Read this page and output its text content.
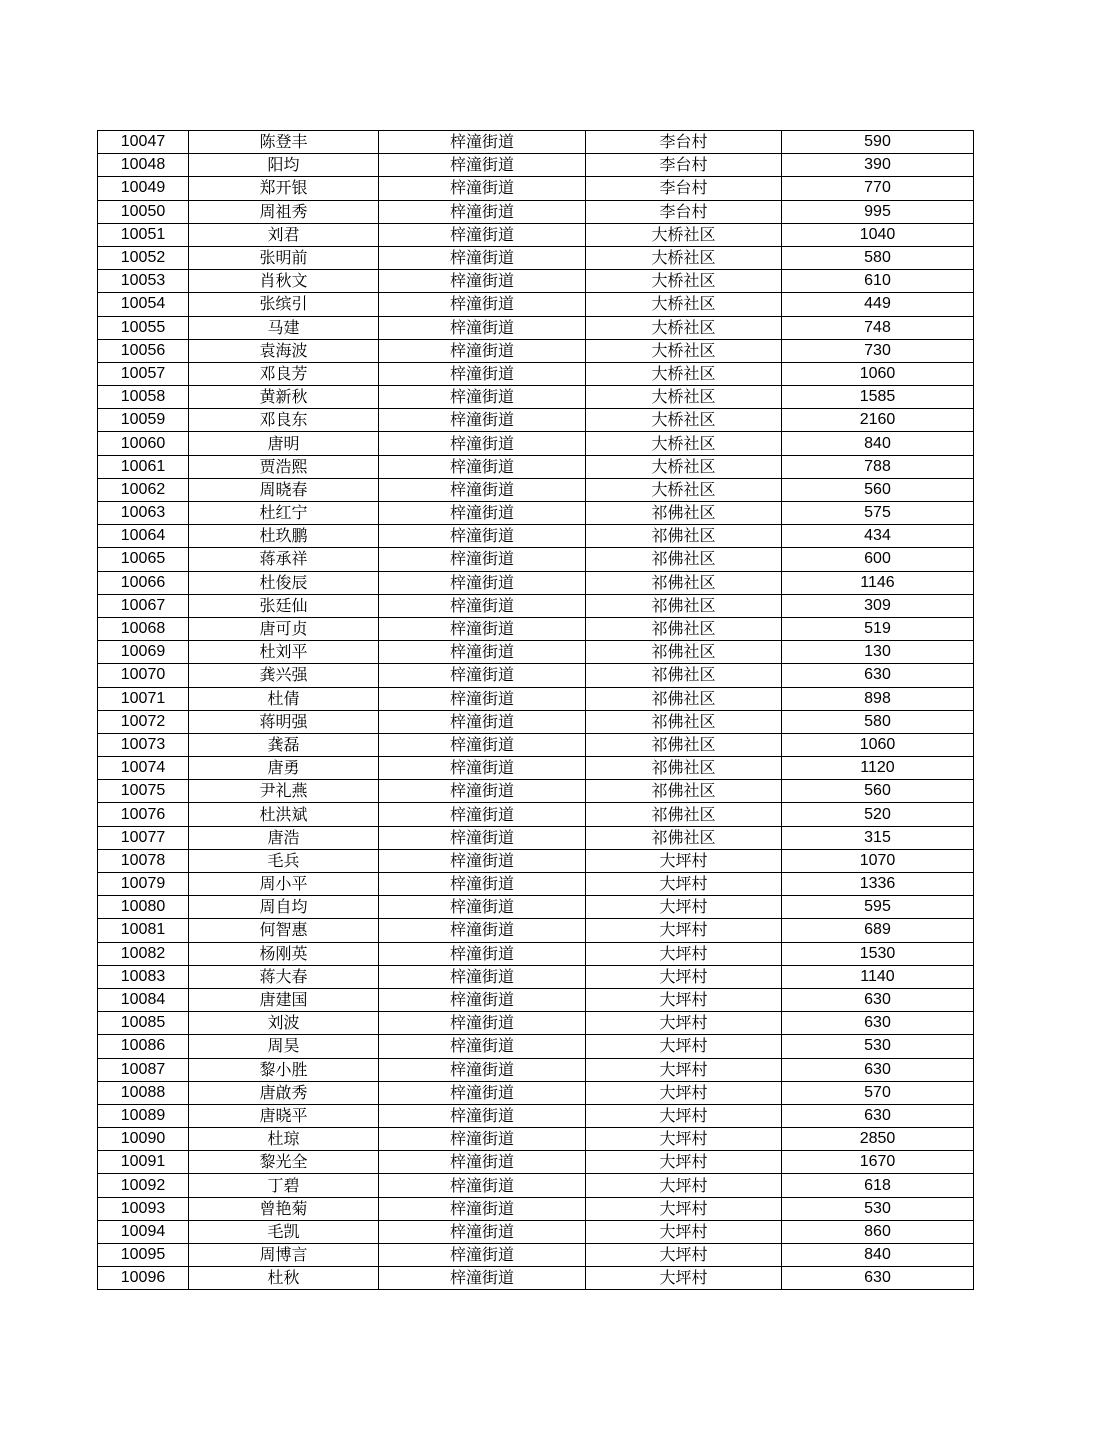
10047	陈登丰	梓潼街道	李台村	590
10048	阳均	梓潼街道	李台村	390
10049	郑开银	梓潼街道	李台村	770
10050	周祖秀	梓潼街道	李台村	995
10051	刘君	梓潼街道	大桥社区	1040
10052	张明前	梓潼街道	大桥社区	580
10053	肖秋文	梓潼街道	大桥社区	610
10054	张缤引	梓潼街道	大桥社区	449
10055	马建	梓潼街道	大桥社区	748
10056	袁海波	梓潼街道	大桥社区	730
10057	邓良芳	梓潼街道	大桥社区	1060
10058	黄新秋	梓潼街道	大桥社区	1585
10059	邓良东	梓潼街道	大桥社区	2160
10060	唐明	梓潼街道	大桥社区	840
10061	贾浩熙	梓潼街道	大桥社区	788
10062	周晓春	梓潼街道	大桥社区	560
10063	杜红宁	梓潼街道	祁佛社区	575
10064	杜玖鹏	梓潼街道	祁佛社区	434
10065	蒋承祥	梓潼街道	祁佛社区	600
10066	杜俊辰	梓潼街道	祁佛社区	1146
10067	张廷仙	梓潼街道	祁佛社区	309
10068	唐可贞	梓潼街道	祁佛社区	519
10069	杜刘平	梓潼街道	祁佛社区	130
10070	龚兴强	梓潼街道	祁佛社区	630
10071	杜倩	梓潼街道	祁佛社区	898
10072	蒋明强	梓潼街道	祁佛社区	580
10073	龚磊	梓潼街道	祁佛社区	1060
10074	唐勇	梓潼街道	祁佛社区	1120
10075	尹礼燕	梓潼街道	祁佛社区	560
10076	杜洪斌	梓潼街道	祁佛社区	520
10077	唐浩	梓潼街道	祁佛社区	315
10078	毛兵	梓潼街道	大坪村	1070
10079	周小平	梓潼街道	大坪村	1336
10080	周自均	梓潼街道	大坪村	595
10081	何智惠	梓潼街道	大坪村	689
10082	杨刚英	梓潼街道	大坪村	1530
10083	蒋大春	梓潼街道	大坪村	1140
10084	唐建国	梓潼街道	大坪村	630
10085	刘波	梓潼街道	大坪村	630
10086	周昊	梓潼街道	大坪村	530
10087	黎小胜	梓潼街道	大坪村	630
10088	唐啟秀	梓潼街道	大坪村	570
10089	唐晓平	梓潼街道	大坪村	630
10090	杜琼	梓潼街道	大坪村	2850
10091	黎光全	梓潼街道	大坪村	1670
10092	丁碧	梓潼街道	大坪村	618
10093	曾艳菊	梓潼街道	大坪村	530
10094	毛凯	梓潼街道	大坪村	860
10095	周博言	梓潼街道	大坪村	840
10096	杜秋	梓潼街道	大坪村	630
